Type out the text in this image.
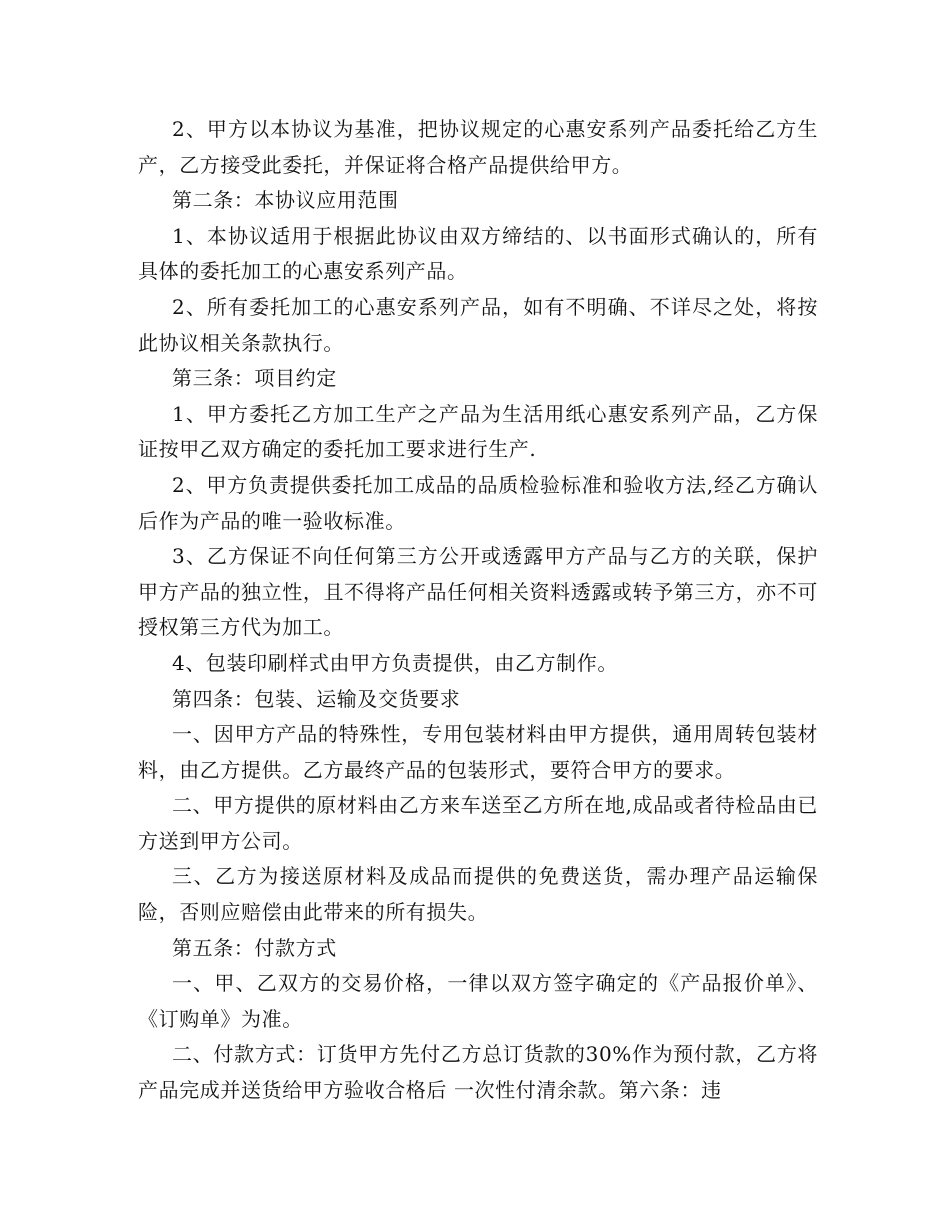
2、甲方以本协议为基准，把协议规定的心惠安系列产品委托给乙方生产，乙方接受此委托，并保证将合格产品提供给甲方。

第二条：本协议应用范围

1、本协议适用于根据此协议由双方缔结的、以书面形式确认的，所有具体的委托加工的心惠安系列产品。

2、所有委托加工的心惠安系列产品，如有不明确、不详尽之处，将按此协议相关条款执行。

第三条：项目约定

1、甲方委托乙方加工生产之产品为生活用纸心惠安系列产品，乙方保证按甲乙双方确定的委托加工要求进行生产.

2、甲方负责提供委托加工成品的品质检验标准和验收方法,经乙方确认后作为产品的唯一验收标准。

3、乙方保证不向任何第三方公开或透露甲方产品与乙方的关联，保护甲方产品的独立性，且不得将产品任何相关资料透露或转予第三方，亦不可授权第三方代为加工。

4、包装印刷样式由甲方负责提供，由乙方制作。

第四条：包装、运输及交货要求

一、因甲方产品的特殊性，专用包装材料由甲方提供，通用周转包装材料，由乙方提供。乙方最终产品的包装形式，要符合甲方的要求。

二、甲方提供的原材料由乙方来车送至乙方所在地,成品或者待检品由已方送到甲方公司。

三、乙方为接送原材料及成品而提供的免费送货，需办理产品运输保险，否则应赔偿由此带来的所有损失。

第五条：付款方式

一、甲、乙双方的交易价格，一律以双方签字确定的《产品报价单》、《订购单》为准。

二、付款方式：订货甲方先付乙方总订货款的30%作为预付款，乙方将产品完成并送货给甲方验收合格后 一次性付清余款。第六条：违
